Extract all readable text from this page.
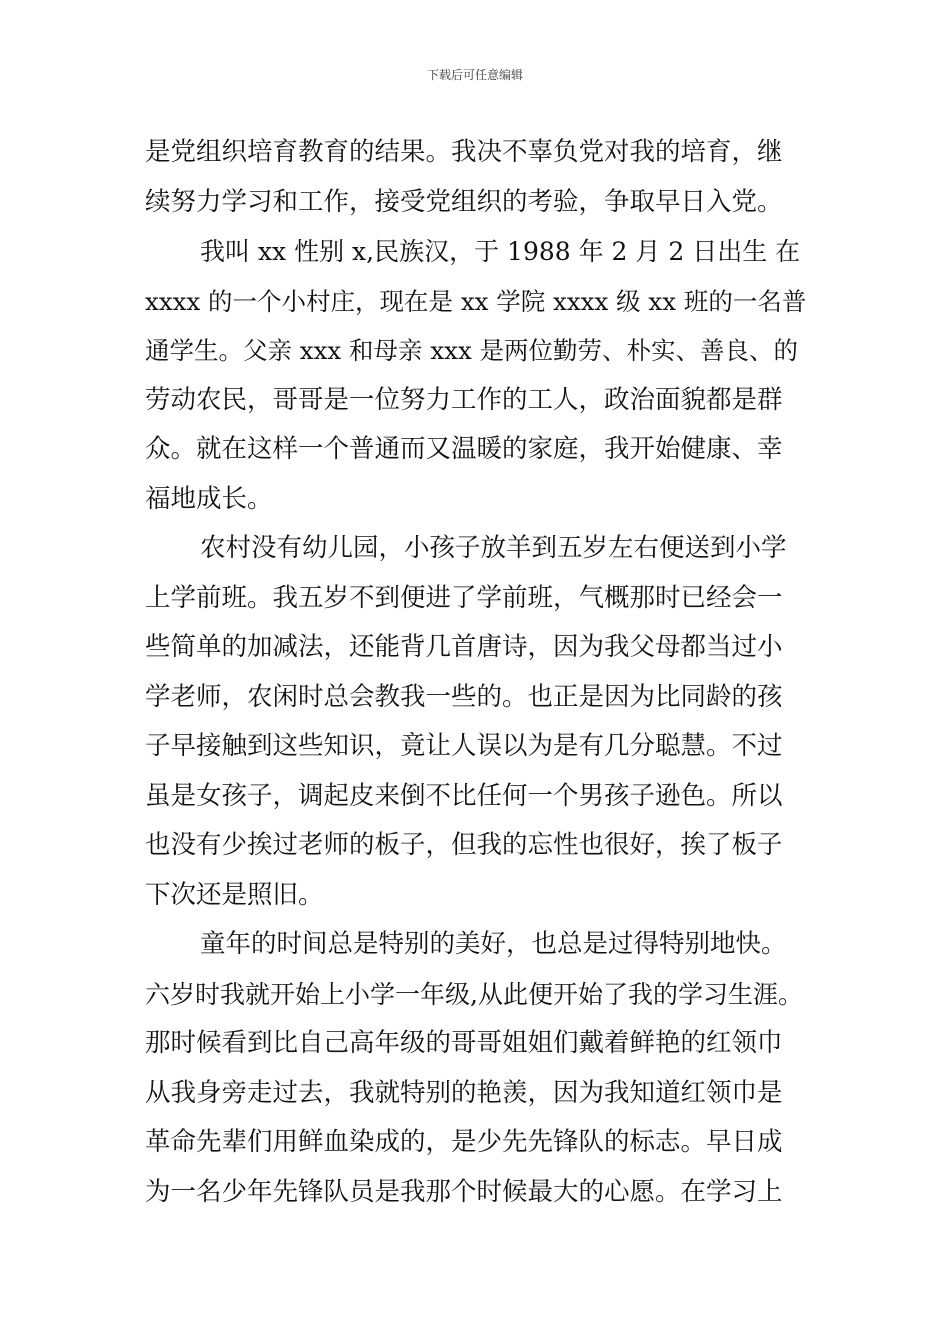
下载后可任意编辑
是党组织培育教育的结果。我决不辜负党对我的培育，继
续努力学习和工作，接受党组织的考验，争取早日入党。
我叫 xx 性别 x,民族汉，于 1988 年 2 月 2 日出生 在
xxxx 的一个小村庄，现在是 xx 学院 xxxx 级 xx 班的一名普
通学生。父亲 xxx 和母亲 xxx 是两位勤劳、朴实、善良、的
劳动农民，哥哥是一位努力工作的工人，政治面貌都是群
众。就在这样一个普通而又温暖的家庭，我开始健康、幸
福地成长。
农村没有幼儿园，小孩子放羊到五岁左右便送到小学
上学前班。我五岁不到便进了学前班，气概那时已经会一
些简单的加减法，还能背几首唐诗，因为我父母都当过小
学老师，农闲时总会教我一些的。也正是因为比同龄的孩
子早接触到这些知识，竟让人误以为是有几分聪慧。不过
虽是女孩子，调起皮来倒不比任何一个男孩子逊色。所以
也没有少挨过老师的板子，但我的忘性也很好，挨了板子
下次还是照旧。
童年的时间总是特别的美好，也总是过得特别地快。
六岁时我就开始上小学一年级,从此便开始了我的学习生涯。
那时候看到比自己高年级的哥哥姐姐们戴着鲜艳的红领巾
从我身旁走过去，我就特别的艳羡，因为我知道红领巾是
革命先辈们用鲜血染成的，是少先先锋队的标志。早日成
为一名少年先锋队员是我那个时候最大的心愿。在学习上
